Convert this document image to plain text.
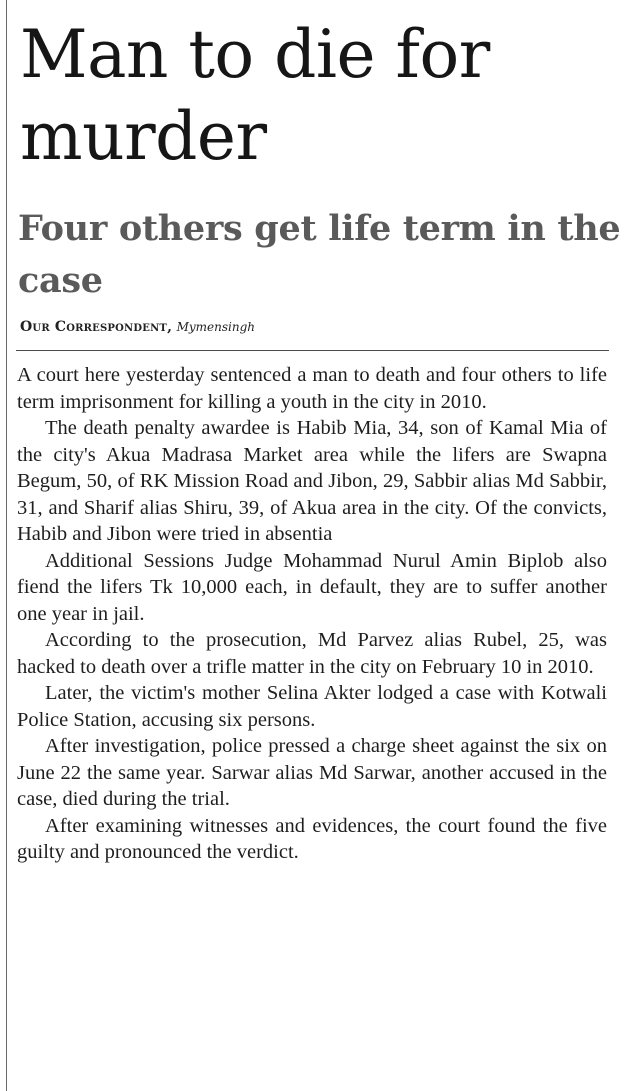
Man to die for murder
Four others get life term in the case
Our Correspondent, Mymensingh

A court here yesterday sentenced a man to death and four others to life term imprisonment for killing a youth in the city in 2010.

The death penalty awardee is Habib Mia, 34, son of Kamal Mia of the city's Akua Madrasa Market area while the lifers are Swapna Begum, 50, of RK Mission Road and Jibon, 29, Sabbir alias Md Sabbir, 31, and Sharif alias Shiru, 39, of Akua area in the city. Of the convicts, Habib and Jibon were tried in absentia

Additional Sessions Judge Mohammad Nurul Amin Biplob also fiend the lifers Tk 10,000 each, in default, they are to suffer another one year in jail.

According to the prosecution, Md Parvez alias Rubel, 25, was hacked to death over a trifle matter in the city on February 10 in 2010.

Later, the victim's mother Selina Akter lodged a case with Kotwali Police Station, accusing six persons.

After investigation, police pressed a charge sheet against the six on June 22 the same year. Sarwar alias Md Sarwar, another accused in the case, died during the trial.

After examining witnesses and evidences, the court found the five guilty and pronounced the verdict.
